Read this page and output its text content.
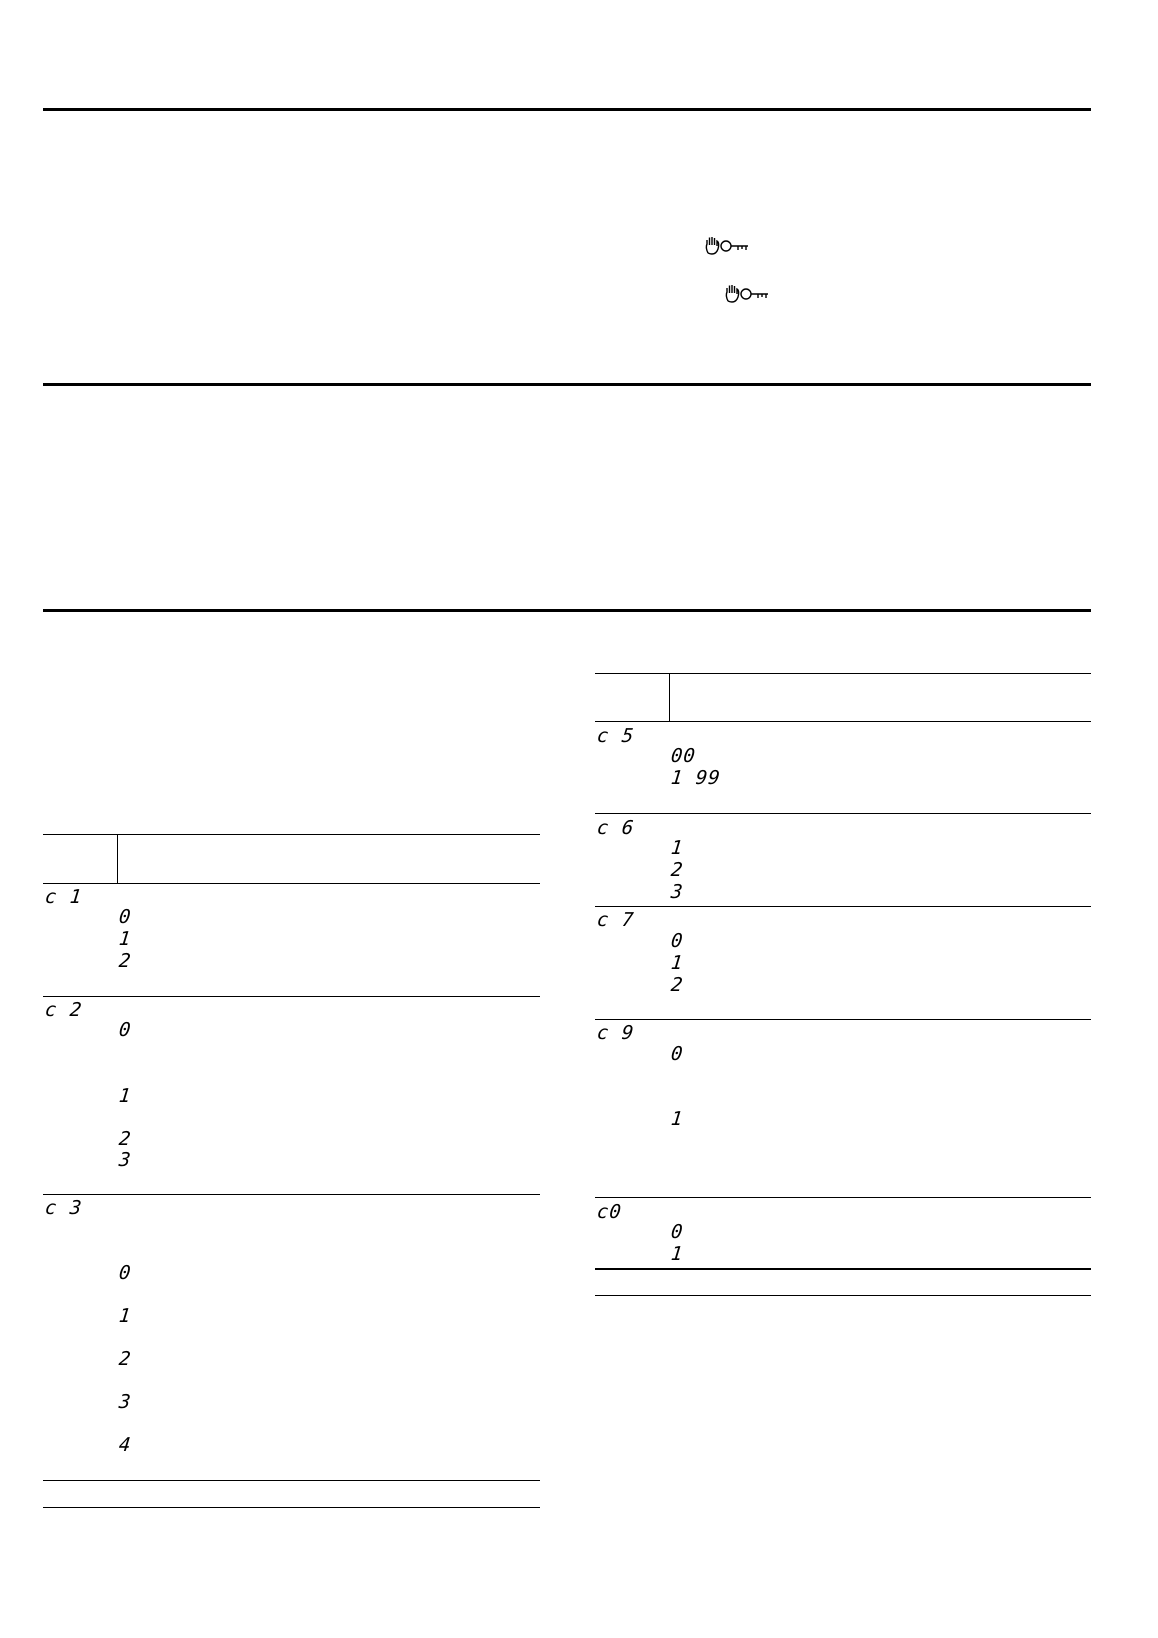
c 1
0
1
2
c 2
0
1
2
3
c 3
0
1
2
3
4
c 5
00
1 99
c 6
1
2
3
c 7
0
1
2
c 9
0
1
c0
0
1
